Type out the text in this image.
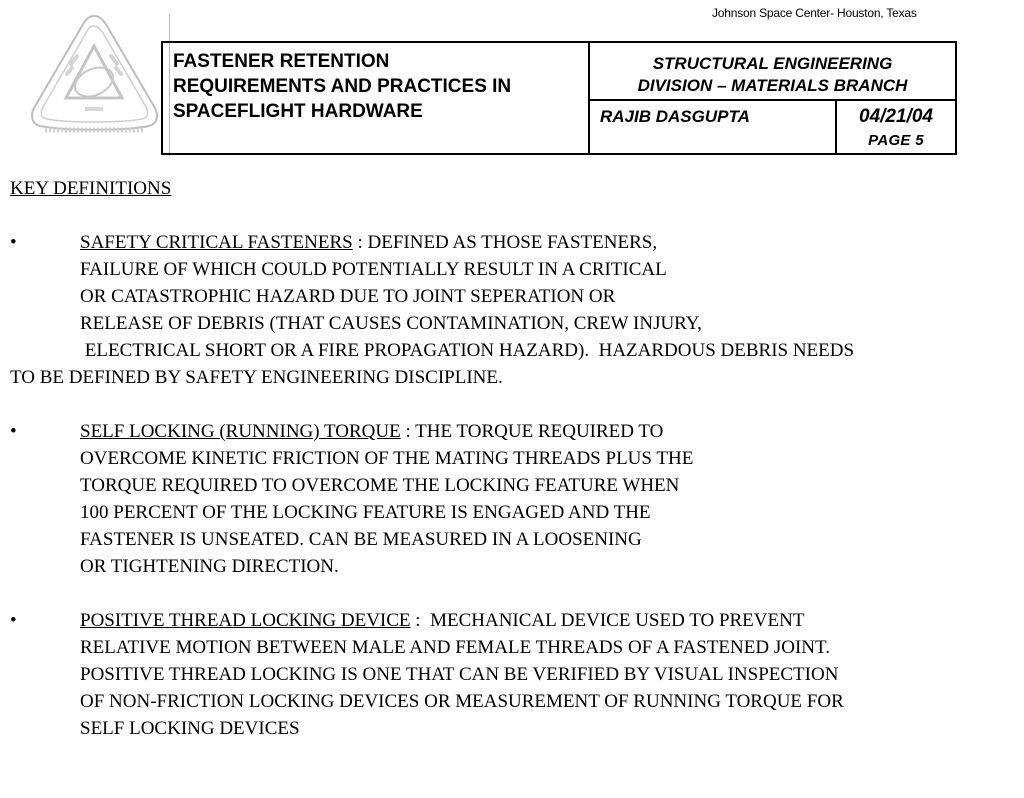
Johnson Space Center- Houston, Texas
FASTENER RETENTION
REQUIREMENTS AND PRACTICES IN
SPACEFLIGHT HARDWARE
STRUCTURAL ENGINEERING
DIVISION – MATERIALS BRANCH
RAJIB DASGUPTA	04/21/04
PAGE 5
KEY DEFINITIONS
•	SAFETY CRITICAL FASTENERS : DEFINED AS THOSE FASTENERS,
FAILURE OF WHICH COULD POTENTIALLY RESULT IN A CRITICAL
OR CATASTROPHIC HAZARD DUE TO JOINT SEPERATION OR
RELEASE OF DEBRIS (THAT CAUSES CONTAMINATION, CREW INJURY,
ELECTRICAL SHORT OR A FIRE PROPAGATION HAZARD).  HAZARDOUS DEBRIS NEEDS
TO BE DEFINED BY SAFETY ENGINEERING DISCIPLINE.
•	SELF LOCKING (RUNNING) TORQUE : THE TORQUE REQUIRED TO
OVERCOME KINETIC FRICTION OF THE MATING THREADS PLUS THE
TORQUE REQUIRED TO OVERCOME THE LOCKING FEATURE WHEN
100 PERCENT OF THE LOCKING FEATURE IS ENGAGED AND THE
FASTENER IS UNSEATED. CAN BE MEASURED IN A LOOSENING
OR TIGHTENING DIRECTION.
•	POSITIVE THREAD LOCKING DEVICE :  MECHANICAL DEVICE USED TO PREVENT
RELATIVE MOTION BETWEEN MALE AND FEMALE THREADS OF A FASTENED JOINT.
POSITIVE THREAD LOCKING IS ONE THAT CAN BE VERIFIED BY VISUAL INSPECTION
OF NON-FRICTION LOCKING DEVICES OR MEASUREMENT OF RUNNING TORQUE FOR
SELF LOCKING DEVICES
